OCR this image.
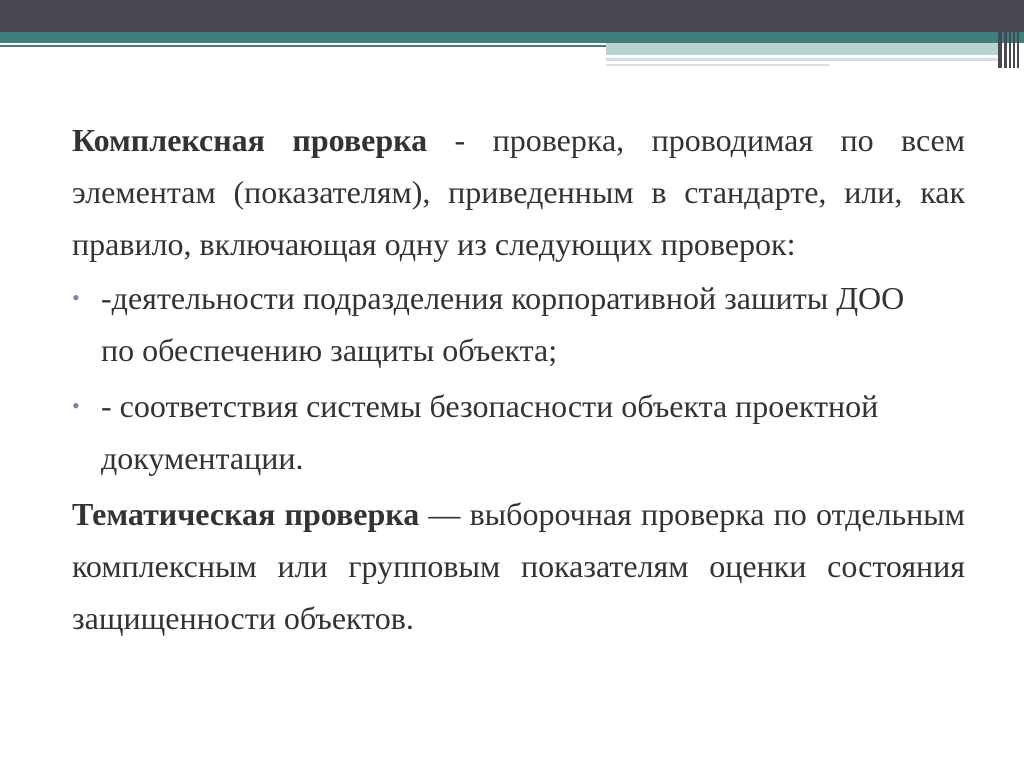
Комплексная проверка - проверка, проводимая по всем элементам (показателям), приведенным в стандарте, или, как правило, включающая одну из следующих проверок:

• -деятельности подразделения корпоративной зашиты ДОО по обеспечению защиты объекта;
• - соответствия системы безопасности объекта проектной документации.

Тематическая проверка — выборочная проверка по отдельным комплексным или групповым показателям оценки состояния защищенности объектов.
